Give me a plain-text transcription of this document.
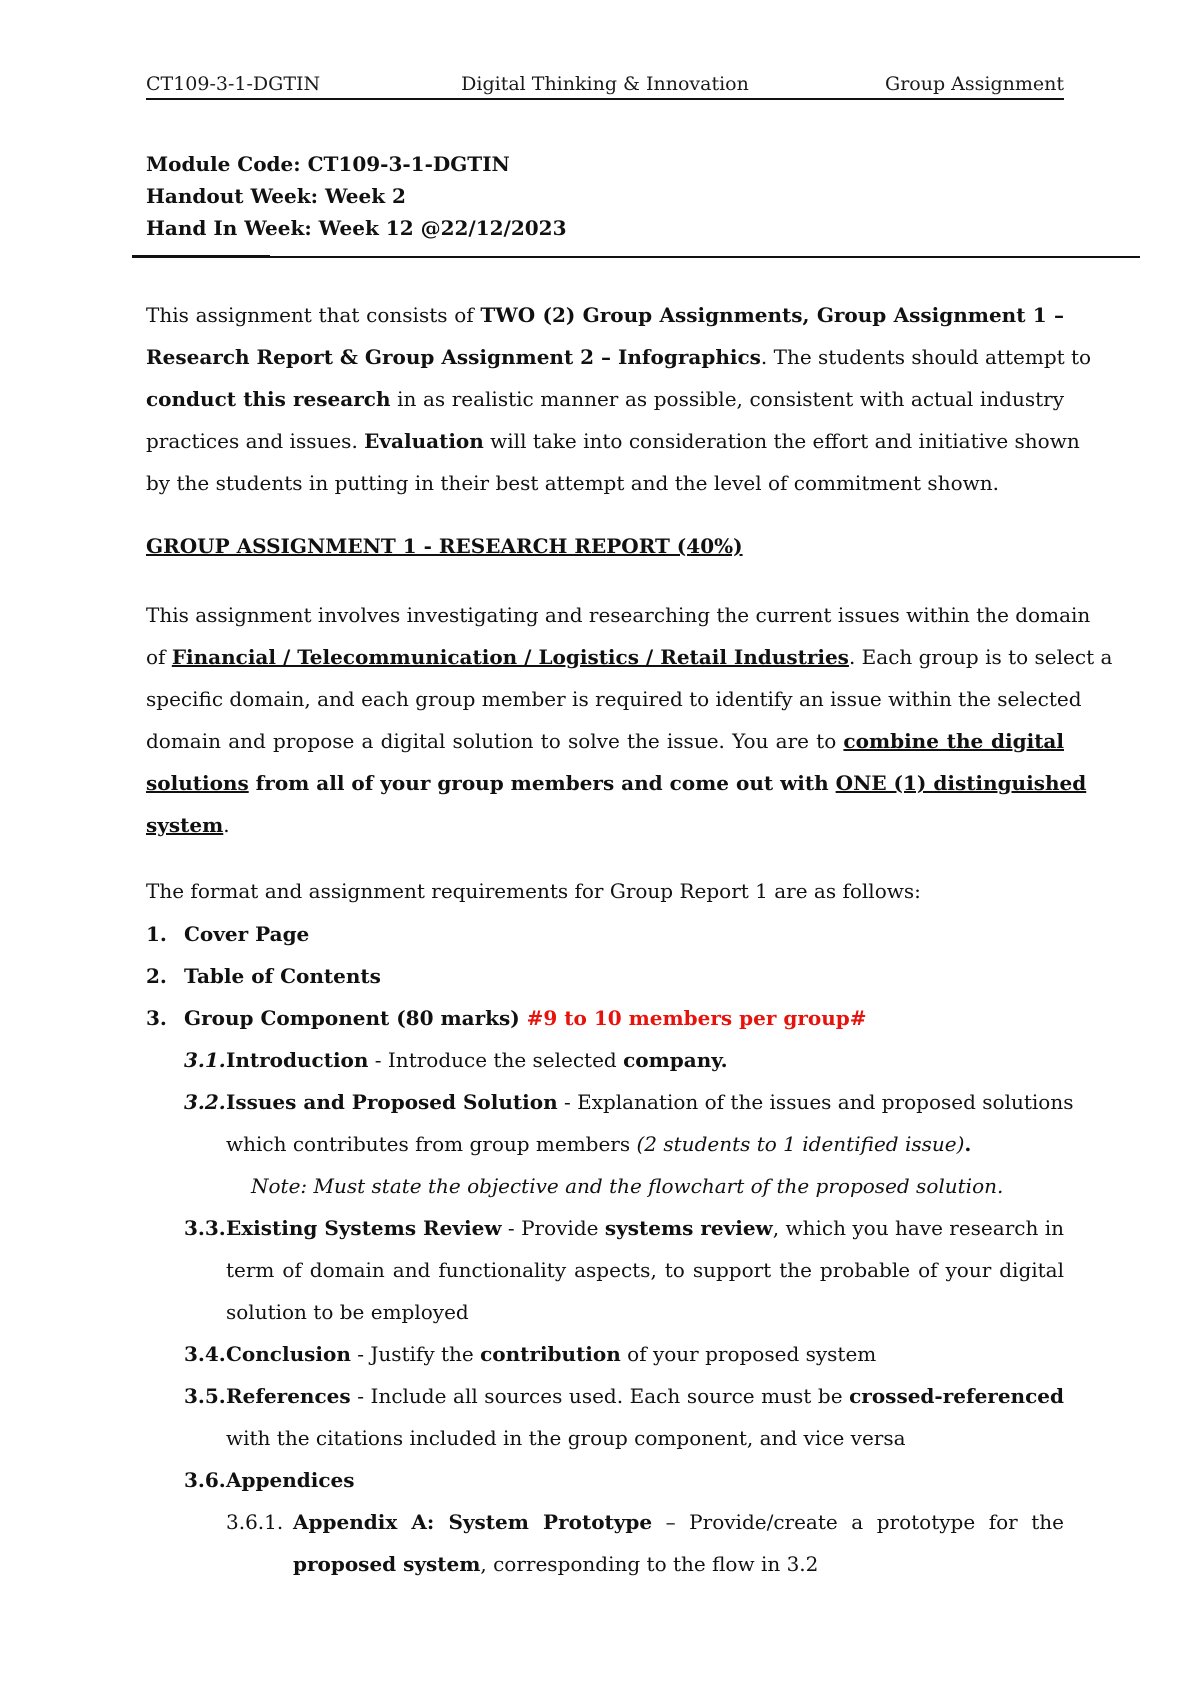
CT109-3-1-DGTIN	Digital Thinking & Innovation	Group Assignment
Module Code: CT109-3-1-DGTIN
Handout Week: Week 2
Hand In Week: Week 12 @22/12/2023
This assignment that consists of TWO (2) Group Assignments, Group Assignment 1 –
Research Report & Group Assignment 2 – Infographics. The students should attempt to
conduct this research in as realistic manner as possible, consistent with actual industry
practices and issues. Evaluation will take into consideration the effort and initiative shown
by the students in putting in their best attempt and the level of commitment shown.
GROUP ASSIGNMENT 1 - RESEARCH REPORT (40%)
This assignment involves investigating and researching the current issues within the domain
of Financial / Telecommunication / Logistics / Retail Industries. Each group is to select a
specific domain, and each group member is required to identify an issue within the selected
domain and propose a digital solution to solve the issue. You are to combine the digital
solutions from all of your group members and come out with ONE (1) distinguished
system.
The format and assignment requirements for Group Report 1 are as follows:
1. Cover Page
2. Table of Contents
3. Group Component (80 marks) #9 to 10 members per group#
3.1. Introduction - Introduce the selected company.
3.2. Issues and Proposed Solution - Explanation of the issues and proposed solutions
which contributes from group members (2 students to 1 identified issue).
Note: Must state the objective and the flowchart of the proposed solution.
3.3. Existing Systems Review - Provide systems review, which you have research in
term of domain and functionality aspects, to support the probable of your digital
solution to be employed
3.4. Conclusion - Justify the contribution of your proposed system
3.5. References - Include all sources used. Each source must be crossed-referenced
with the citations included in the group component, and vice versa
3.6. Appendices
3.6.1. Appendix A: System Prototype – Provide/create a prototype for the
proposed system, corresponding to the flow in 3.2
